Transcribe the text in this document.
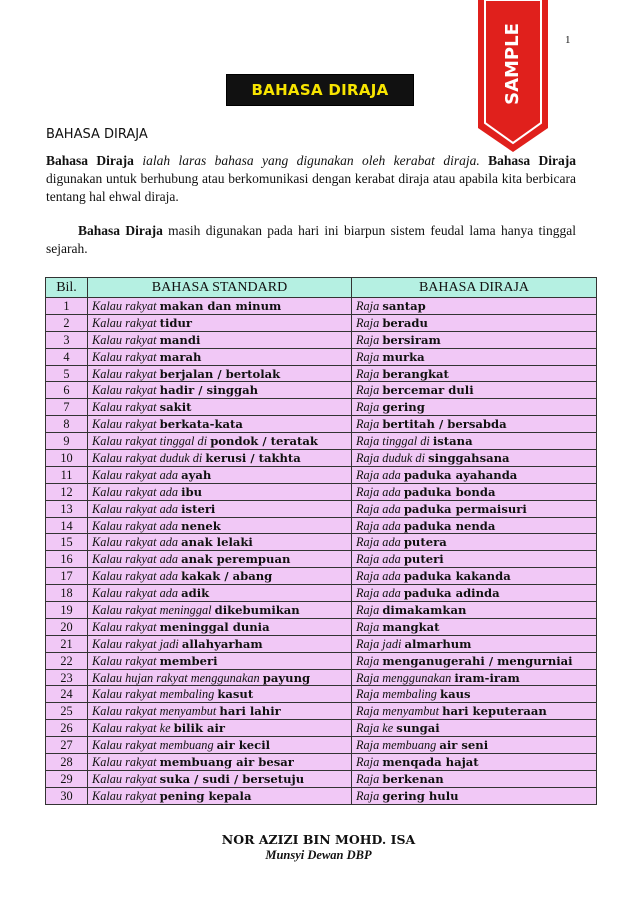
1
SAMPLE
BAHASA DIRAJA
BAHASA DIRAJA

Bahasa Diraja ialah laras bahasa yang digunakan oleh kerabat diraja. Bahasa Diraja digunakan untuk berhubung atau berkomunikasi dengan kerabat diraja atau apabila kita berbicara tentang hal ehwal diraja.

Bahasa Diraja masih digunakan pada hari ini biarpun sistem feudal lama hanya tinggal sejarah.

Bil.	BAHASA STANDARD	BAHASA DIRAJA
1	Kalau rakyat makan dan minum	Raja santap
2	Kalau rakyat tidur	Raja beradu
3	Kalau rakyat mandi	Raja bersiram
4	Kalau rakyat marah	Raja murka
5	Kalau rakyat berjalan / bertolak	Raja berangkat
6	Kalau rakyat hadir / singgah	Raja bercemar duli
7	Kalau rakyat sakit	Raja gering
8	Kalau rakyat berkata-kata	Raja bertitah / bersabda
9	Kalau rakyat tinggal di pondok / teratak	Raja tinggal di istana
10	Kalau rakyat duduk di kerusi / takhta	Raja duduk di singgahsana
11	Kalau rakyat ada ayah	Raja ada paduka ayahanda
12	Kalau rakyat ada ibu	Raja ada paduka bonda
13	Kalau rakyat ada isteri	Raja ada paduka permaisuri
14	Kalau rakyat ada nenek	Raja ada paduka nenda
15	Kalau rakyat ada anak lelaki	Raja ada putera
16	Kalau rakyat ada anak perempuan	Raja ada puteri
17	Kalau rakyat ada kakak / abang	Raja ada paduka kakanda
18	Kalau rakyat ada adik	Raja ada paduka adinda
19	Kalau rakyat meninggal dikebumikan	Raja dimakamkan
20	Kalau rakyat meninggal dunia	Raja mangkat
21	Kalau rakyat jadi allahyarham	Raja jadi almarhum
22	Kalau rakyat memberi	Raja menganugerahi / mengurniai
23	Kalau hujan rakyat menggunakan payung	Raja menggunakan iram-iram
24	Kalau rakyat membaling kasut	Raja membaling kaus
25	Kalau rakyat menyambut hari lahir	Raja menyambut hari keputeraan
26	Kalau rakyat ke bilik air	Raja ke sungai
27	Kalau rakyat membuang air kecil	Raja membuang air seni
28	Kalau rakyat membuang air besar	Raja menqada hajat
29	Kalau rakyat suka / sudi / bersetuju	Raja berkenan
30	Kalau rakyat pening kepala	Raja gering hulu
NOR AZIZI BIN MOHD. ISA
Munsyi Dewan DBP
